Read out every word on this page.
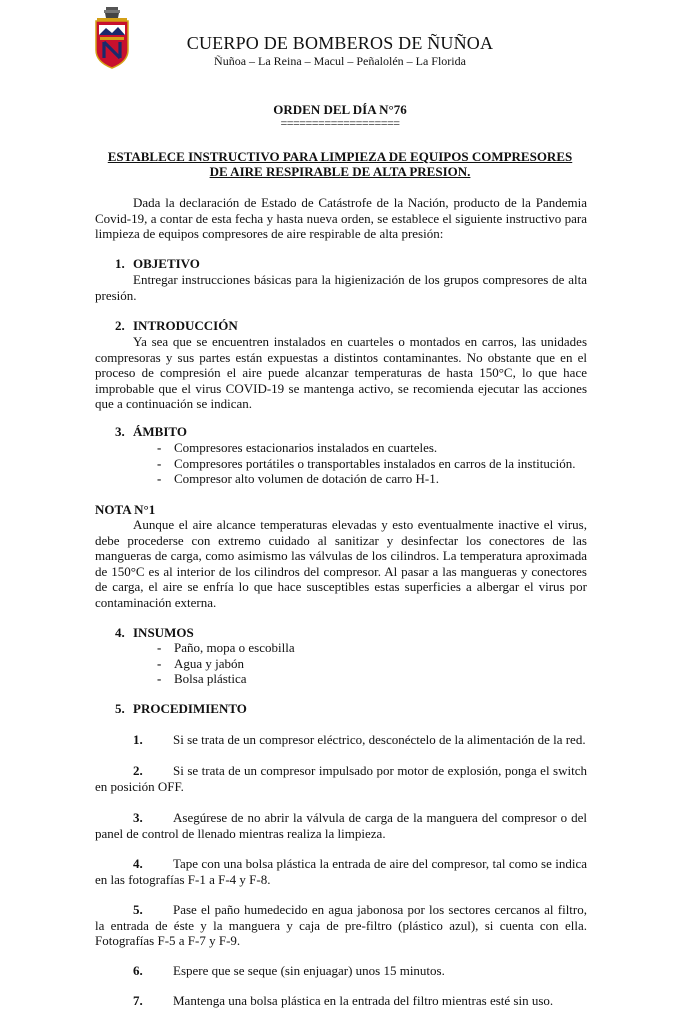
CUERPO DE BOMBEROS DE ÑUÑOA
Ñuñoa – La Reina – Macul – Peñalolén – La Florida
ORDEN DEL DÍA N°76
===================
ESTABLECE INSTRUCTIVO PARA LIMPIEZA DE EQUIPOS COMPRESORES
DE AIRE RESPIRABLE DE ALTA PRESION.

Dada la declaración de Estado de Catástrofe de la Nación, producto de la Pandemia Covid-19, a contar de esta fecha y hasta nueva orden, se establece el siguiente instructivo para limpieza de equipos compresores de aire respirable de alta presión:

1. OBJETIVO

Entregar instrucciones básicas para la higienización de los grupos compresores de alta presión.

2. INTRODUCCIÓN

Ya sea que se encuentren instalados en cuarteles o montados en carros, las unidades compresoras y sus partes están expuestas a distintos contaminantes. No obstante que en el proceso de compresión el aire puede alcanzar temperaturas de hasta 150°C, lo que hace improbable que el virus COVID-19 se mantenga activo, se recomienda ejecutar las acciones que a continuación se indican.

3. ÁMBITO
- Compresores estacionarios instalados en cuarteles.
- Compresores portátiles o transportables instalados en carros de la institución.
- Compresor alto volumen de dotación de carro H-1.
NOTA N°1

Aunque el aire alcance temperaturas elevadas y esto eventualmente inactive el virus, debe procederse con extremo cuidado al sanitizar y desinfectar los conectores de las mangueras de carga, como asimismo las válvulas de los cilindros. La temperatura aproximada de 150°C es al interior de los cilindros del compresor. Al pasar a las mangueras y conectores de carga, el aire se enfría lo que hace susceptibles estas superficies a albergar el virus por contaminación externa.

4. INSUMOS
- Paño, mopa o escobilla
- Agua y jabón
- Bolsa plástica
5. PROCEDIMIENTO

1. Si se trata de un compresor eléctrico, desconéctelo de la alimentación de la red.

2. Si se trata de un compresor impulsado por motor de explosión, ponga el switch en posición OFF.

3. Asegúrese de no abrir la válvula de carga de la manguera del compresor o del panel de control de llenado mientras realiza la limpieza.

4. Tape con una bolsa plástica la entrada de aire del compresor, tal como se indica en las fotografías F-1 a F-4 y F-8.

5. Pase el paño humedecido en agua jabonosa por los sectores cercanos al filtro, la entrada de éste y la manguera y caja de pre-filtro (plástico azul), si cuenta con ella. Fotografías F-5 a F-7 y F-9.

6. Espere que se seque (sin enjuagar) unos 15 minutos.

7. Mantenga una bolsa plástica en la entrada del filtro mientras esté sin uso.
